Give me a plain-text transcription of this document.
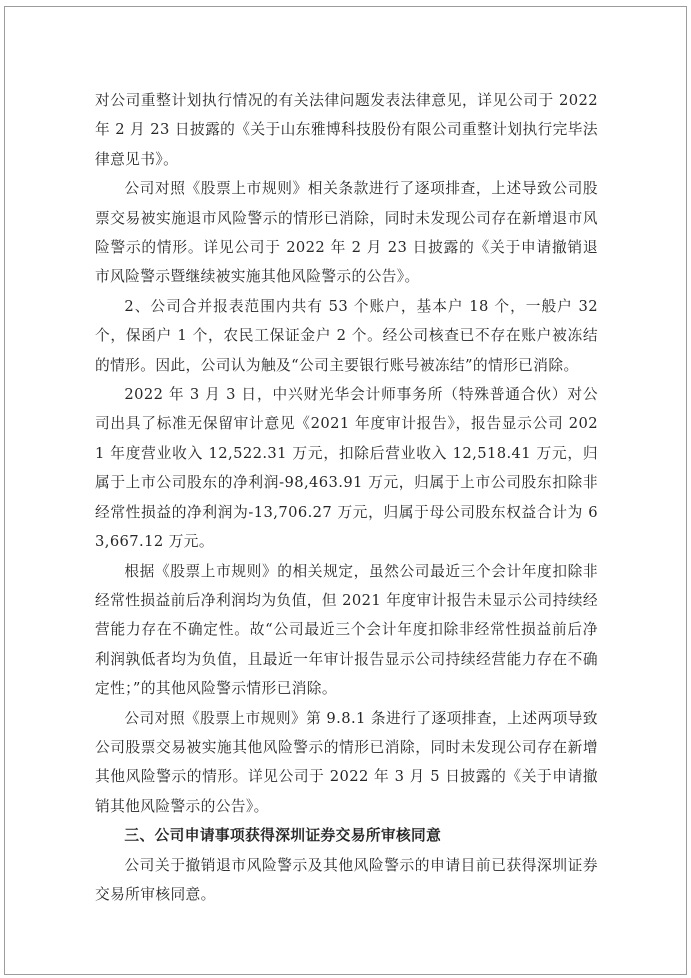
对公司重整计划执行情况的有关法律问题发表法律意见，详见公司于 2022 年 2 月 23 日披露的《关于山东雅博科技股份有限公司重整计划执行完毕法律意见书》。

公司对照《股票上市规则》相关条款进行了逐项排查，上述导致公司股票交易被实施退市风险警示的情形已消除，同时未发现公司存在新增退市风险警示的情形。详见公司于 2022 年 2 月 23 日披露的《关于申请撤销退市风险警示暨继续被实施其他风险警示的公告》。

2、公司合并报表范围内共有 53 个账户，基本户 18 个，一般户 32 个，保函户 1 个，农民工保证金户 2 个。经公司核查已不存在账户被冻结的情形。因此，公司认为触及“公司主要银行账号被冻结”的情形已消除。

2022 年 3 月 3 日，中兴财光华会计师事务所（特殊普通合伙）对公司出具了标准无保留审计意见《2021 年度审计报告》，报告显示公司 2021 年度营业收入 12,522.31 万元，扣除后营业收入 12,518.41 万元，归属于上市公司股东的净利润-98,463.91 万元，归属于上市公司股东扣除非经常性损益的净利润为-13,706.27 万元，归属于母公司股东权益合计为 63,667.12 万元。

根据《股票上市规则》的相关规定，虽然公司最近三个会计年度扣除非经常性损益前后净利润均为负值，但 2021 年度审计报告未显示公司持续经营能力存在不确定性。故“公司最近三个会计年度扣除非经常性损益前后净利润孰低者均为负值，且最近一年审计报告显示公司持续经营能力存在不确定性；”的其他风险警示情形已消除。

公司对照《股票上市规则》第 9.8.1 条进行了逐项排查，上述两项导致公司股票交易被实施其他风险警示的情形已消除，同时未发现公司存在新增其他风险警示的情形。详见公司于 2022 年 3 月 5 日披露的《关于申请撤销其他风险警示的公告》。

三、公司申请事项获得深圳证券交易所审核同意

公司关于撤销退市风险警示及其他风险警示的申请目前已获得深圳证券交易所审核同意。
